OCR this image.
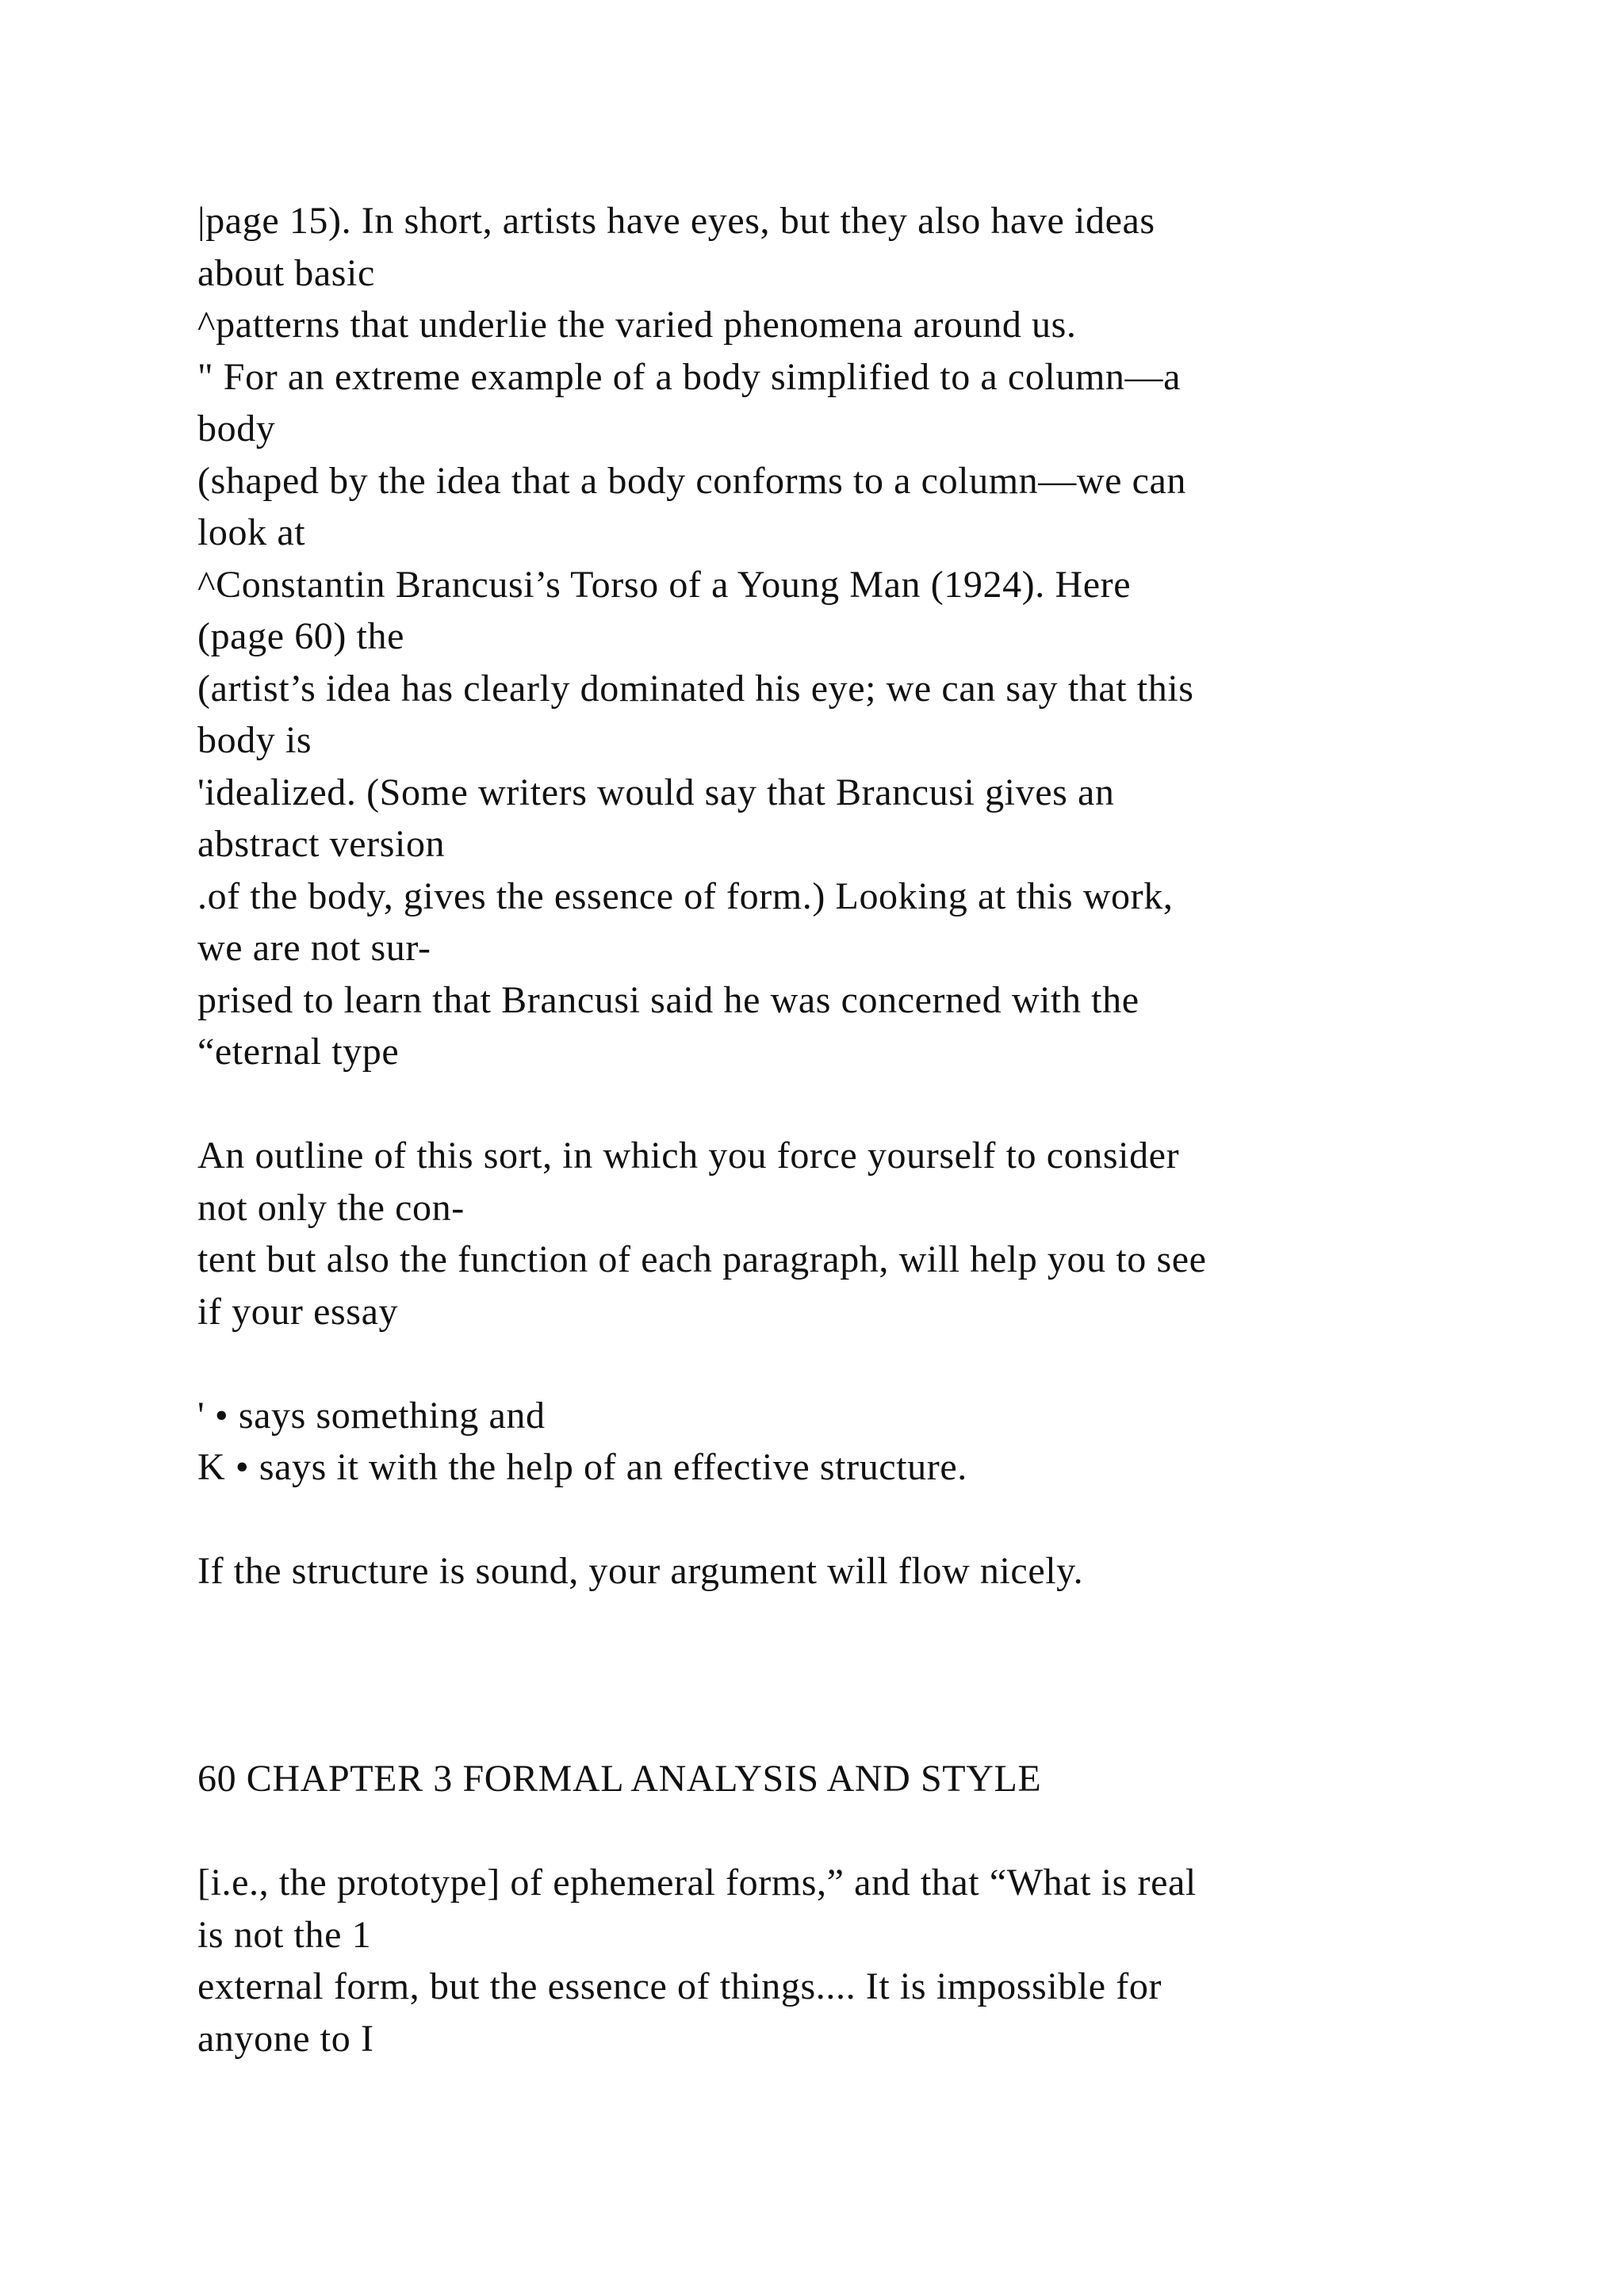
|page 15). In short, artists have eyes, but they also have ideas
about basic
^patterns that underlie the varied phenomena around us.
" For an extreme example of a body simplified to a column—a
body
(shaped by the idea that a body conforms to a column—we can
look at
^Constantin Brancusi’s Torso of a Young Man (1924). Here
(page 60) the
(artist’s idea has clearly dominated his eye; we can say that this
body is
'idealized. (Some writers would say that Brancusi gives an
abstract version
.of the body, gives the essence of form.) Looking at this work,
we are not sur-
prised to learn that Brancusi said he was concerned with the
“eternal type
An outline of this sort, in which you force yourself to consider
not only the con-
tent but also the function of each paragraph, will help you to see
if your essay
' • says something and
K • says it with the help of an effective structure.
If the structure is sound, your argument will flow nicely.
60 CHAPTER 3 FORMAL ANALYSIS AND STYLE
[i.e., the prototype] of ephemeral forms,” and that “What is real
is not the 1
external form, but the essence of things.... It is impossible for
anyone to I
